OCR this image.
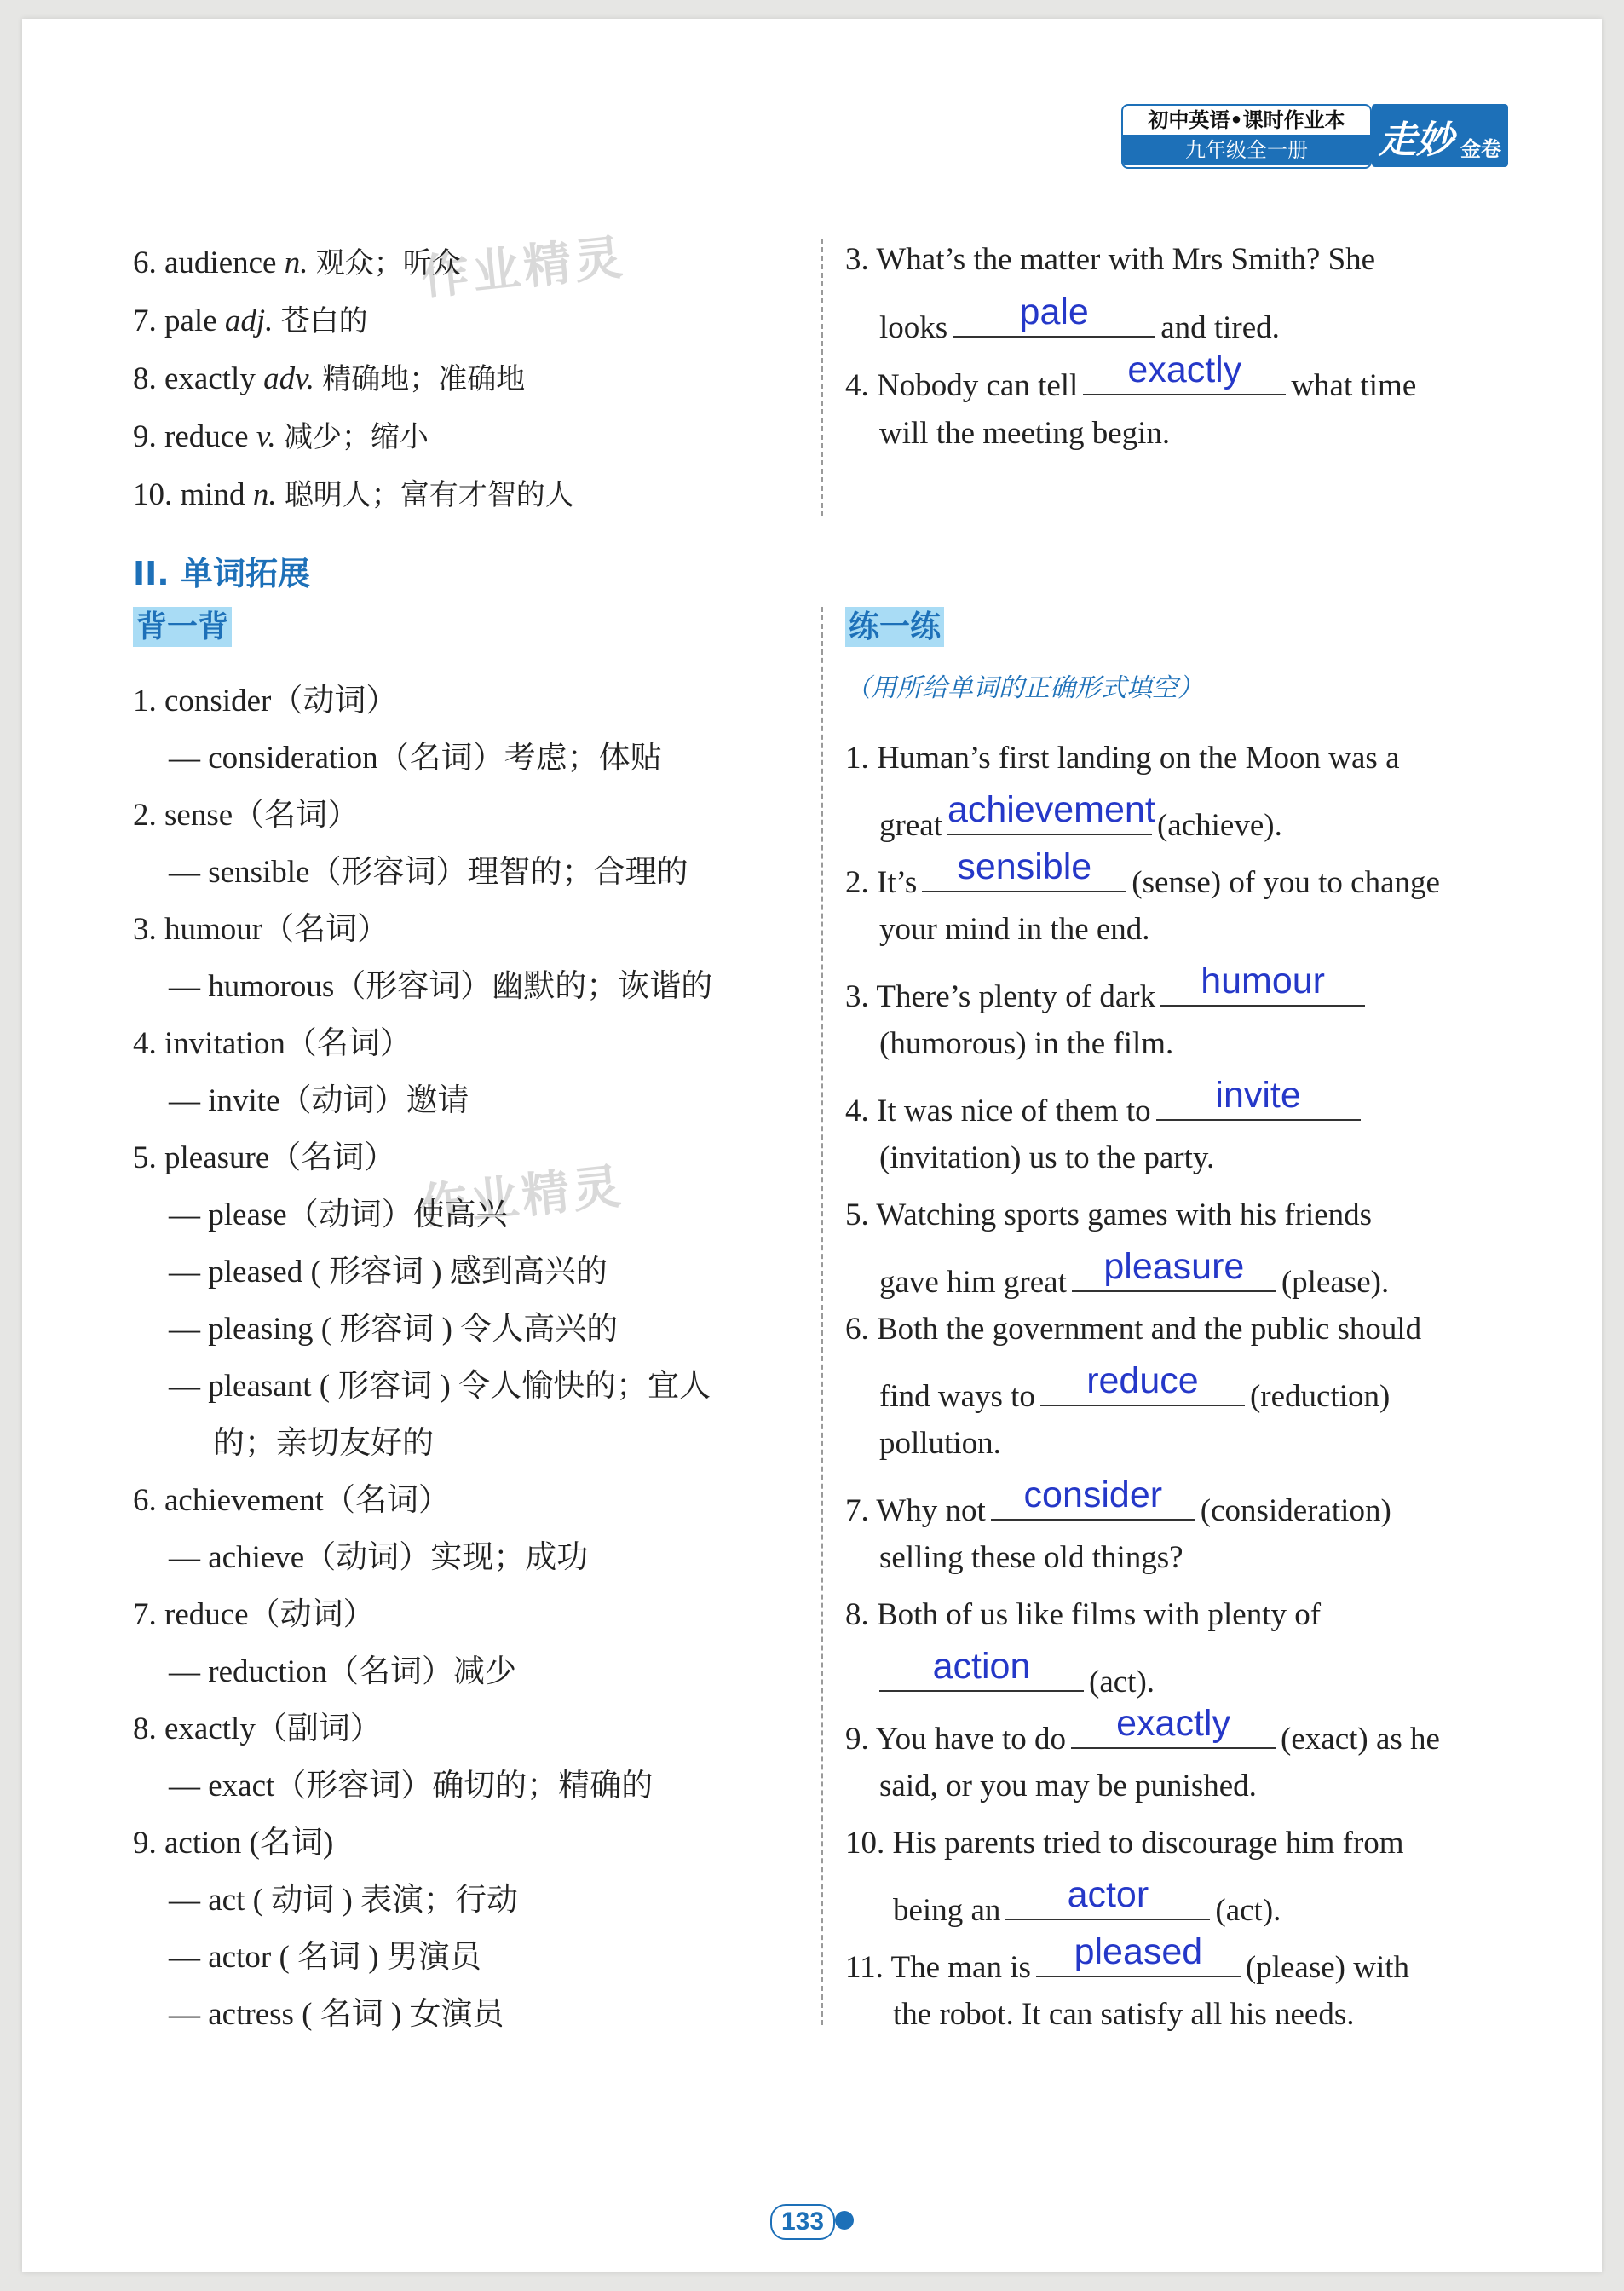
初中英语•课时作业本
九年级全一册	走妙 金卷
作业精灵
作业精灵
6. audience n. 观众；听众
7. pale adj. 苍白的
8. exactly adv. 精确地；准确地
9. reduce v. 减少；缩小
10. mind n. 聪明人；富有才智的人
3. What’s the matter with Mrs Smith? She
looks	pale	and tired.
4. Nobody can tell	exactly	what time
will the meeting begin.
II. 单词拓展
背一背	练一练
（用所给单词的正确形式填空）
1. consider（动词）
— consideration（名词）考虑；体贴
2. sense（名词）
— sensible（形容词）理智的；合理的
3. humour（名词）
— humorous（形容词）幽默的；诙谐的
4. invitation（名词）
— invite（动词）邀请
5. pleasure（名词）
— please（动词）使高兴
— pleased ( 形容词 ) 感到高兴的
— pleasing ( 形容词 ) 令人高兴的
— pleasant ( 形容词 ) 令人愉快的；宜人
的；亲切友好的
6. achievement（名词）
— achieve（动词）实现；成功
7. reduce（动词）
— reduction（名词）减少
8. exactly（副词）
— exact（形容词）确切的；精确的
9. action (名词)
— act ( 动词 ) 表演；行动
— actor ( 名词 ) 男演员
— actress ( 名词 ) 女演员
1. Human’s first landing on the Moon was a
great achievement (achieve).
2. It’s	sensible	(sense) of you to change
your mind in the end.
3. There’s plenty of dark	humour
(humorous) in the film.
4. It was nice of them to	invite
(invitation) us to the party.
5. Watching sports games with his friends
gave him great	pleasure	(please).
6. Both the government and the public should
find ways to	reduce	(reduction)
pollution.
7. Why not	consider	(consideration)
selling these old things?
8. Both of us like films with plenty of
action	(act).
9. You have to do	exactly	(exact) as he
said, or you may be punished.
10. His parents tried to discourage him from
being an	actor	(act).
11. The man is	pleased	(please) with
the robot. It can satisfy all his needs.
133
